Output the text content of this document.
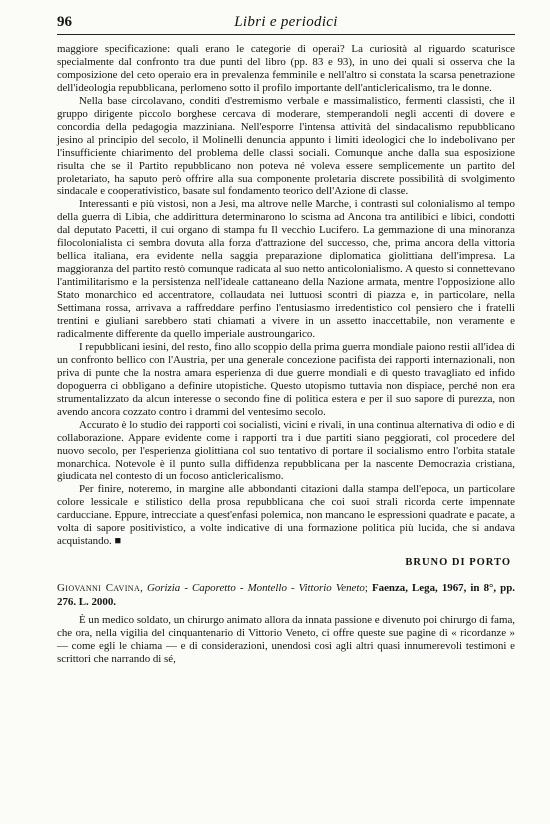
96	Libri e periodici

maggiore specificazione: quali erano le categorie di operai? La curiosità al riguardo scaturisce specialmente dal confronto tra due punti del libro (pp. 83 e 93), in uno dei quali si osserva che la composizione del ceto operaio era in prevalenza femminile e nell'altro si constata la scarsa penetrazione dell'ideologia repubblicana, perlomeno sotto il profilo importante dell'anticlericalismo, tra le donne.

Nella base circolavano, conditi d'estremismo verbale e massimalistico, fermenti classisti, che il gruppo dirigente piccolo borghese cercava di moderare, stemperandoli negli accenti di dovere e concordia della pedagogia mazziniana. Nell'esporre l'intensa attività del sindacalismo repubblicano jesino al principio del secolo, il Molinelli denuncia appunto i limiti ideologici che lo indebolivano per l'insufficiente chiarimento del problema delle classi sociali. Comunque anche dalla sua esposizione risulta che se il Partito repubblicano non poteva né voleva essere semplicemente un partito del proletariato, ha saputo però offrire alla sua componente proletaria discrete possibilità di svolgimento sindacale e cooperativistico, basate sul fondamento teorico dell'Azione di classe.

Interessanti e più vistosi, non a Jesi, ma altrove nelle Marche, i contrasti sul colonialismo al tempo della guerra di Libia, che addirittura determinarono lo scisma ad Ancona tra antilibici e libici, condotti dal deputato Pacetti, il cui organo di stampa fu Il vecchio Lucifero. La gemmazione di una minoranza filocolonialista ci sembra dovuta alla forza d'attrazione del successo, che, prima ancora della vittoria bellica italiana, era evidente nella saggia preparazione diplomatica giolittiana dell'impresa. La maggioranza del partito restò comunque radicata al suo netto anticolonialismo. A questo si connettevano l'antimilitarismo e la persistenza nell'ideale cattaneano della Nazione armata, mentre l'opposizione allo Stato monarchico ed accentratore, collaudata nei luttuosi scontri di piazza e, in particolare, nella Settimana rossa, arrivava a raffreddare perfino l'entusiasmo irredentistico col pensiero che i fratelli trentini e giuliani sarebbero stati chiamati a vivere in un assetto inaccettabile, non veramente e radicalmente differente da quello imperiale austroungarico.

I repubblicani iesini, del resto, fino allo scoppio della prima guerra mondiale paiono restii all'idea di un confronto bellico con l'Austria, per una generale concezione pacifista dei rapporti internazionali, non priva di punte che la nostra amara esperienza di due guerre mondiali e di questo travagliato ed infido dopoguerra ci obbligano a definire utopistiche. Questo utopismo tuttavia non dispiace, perché non era strumentalizzato da alcun interesse o secondo fine di politica estera e per il suo sapore di purezza, non avendo ancora cozzato contro i drammi del ventesimo secolo.

Accurato è lo studio dei rapporti coi socialisti, vicini e rivali, in una continua alternativa di odio e di collaborazione. Appare evidente come i rapporti tra i due partiti siano peggiorati, col procedere del nuovo secolo, per l'esperienza giolittiana col suo tentativo di portare il socialismo entro l'orbita statale monarchica. Notevole è il punto sulla diffidenza repubblicana per la nascente Democrazia cristiana, giudicata nel contesto di un focoso anticlericalismo.

Per finire, noteremo, in margine alle abbondanti citazioni dalla stampa dell'epoca, un particolare colore lessicale e stilistico della prosa repubblicana che coi suoi strali ricorda certe impennate carducciane. Eppure, intrecciate a quest'enfasi polemica, non mancano le espressioni quadrate e pacate, a volta di sapore positivistico, a volte indicative di una formazione politica più lucida, che si andava acquistando. ■

BRUNO DI PORTO
Giovanni Cavina, Gorizia - Caporetto - Montello - Vittorio Veneto; Faenza, Lega, 1967, in 8°, pp. 276. L. 2000.

È un medico soldato, un chirurgo animato allora da innata passione e divenuto poi chirurgo di fama, che ora, nella vigilia del cinquantenario di Vittorio Veneto, ci offre queste sue pagine di « ricordanze » — come egli le chiama — e di considerazioni, unendosi così agli altri quasi innumerevoli testimoni e scrittori che narrando di sé,
